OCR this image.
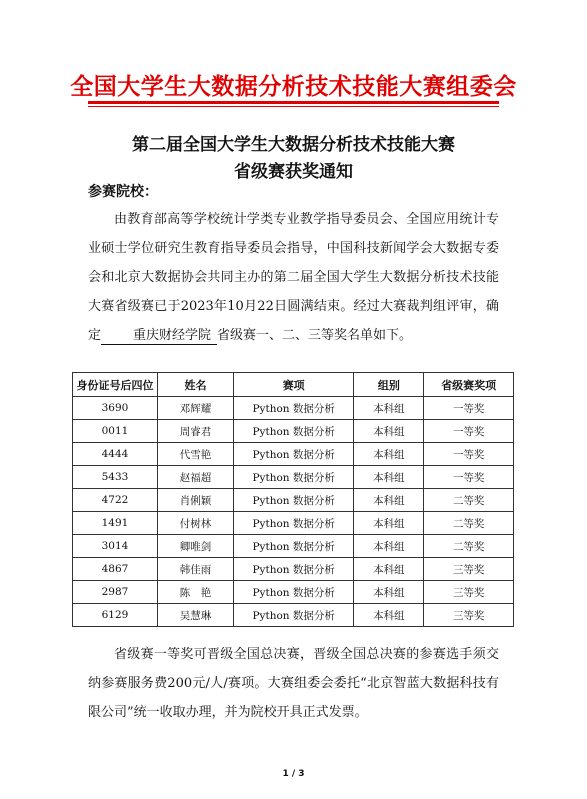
全国大学生大数据分析技术技能大赛组委会
第二届全国大学生大数据分析技术技能大赛
省级赛获奖通知
参赛院校：
由教育部高等学校统计学类专业教学指导委员会、全国应用统计专业硕士学位研究生教育指导委员会指导，中国科技新闻学会大数据专委会和北京大数据协会共同主办的第二届全国大学生大数据分析技术技能大赛省级赛已于2023年10月22日圆满结束。经过大赛裁判组评审，确定 重庆财经学院 省级赛一、二、三等奖名单如下。
身份证号后四位	姓名	赛项	组别	省级赛奖项
3690	邓辉耀	Python 数据分析	本科组	一等奖
0011	周睿君	Python 数据分析	本科组	一等奖
4444	代雪艳	Python 数据分析	本科组	一等奖
5433	赵福超	Python 数据分析	本科组	一等奖
4722	肖俐颖	Python 数据分析	本科组	二等奖
1491	付树林	Python 数据分析	本科组	二等奖
3014	卿唯剑	Python 数据分析	本科组	二等奖
4867	韩佳雨	Python 数据分析	本科组	三等奖
2987	陈　艳	Python 数据分析	本科组	三等奖
6129	吴慧琳	Python 数据分析	本科组	三等奖
省级赛一等奖可晋级全国总决赛，晋级全国总决赛的参赛选手须交纳参赛服务费200元/人/赛项。大赛组委会委托“北京智蓝大数据科技有限公司”统一收取办理，并为院校开具正式发票。
1 / 3
